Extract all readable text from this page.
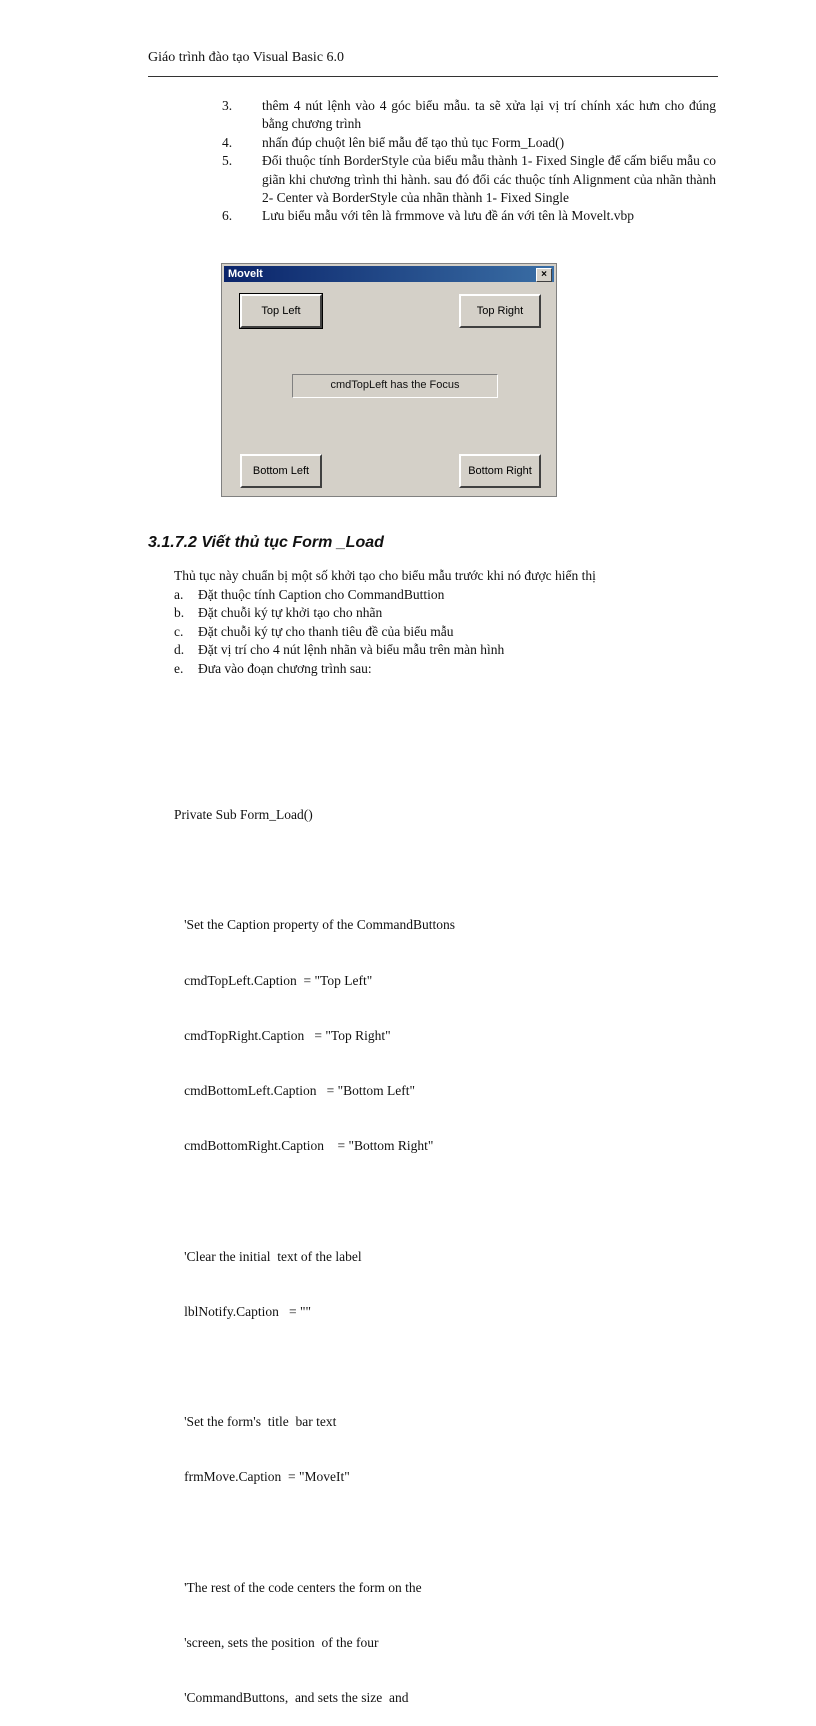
Giáo trình đào tạo Visual Basic 6.0
3.	thêm 4 nút lệnh vào 4 góc biểu mẫu. ta sẽ xửa lại vị trí chính xác hưn cho đúng bằng chương trình
4.	nhấn đúp chuột lên biể mẫu để tạo thủ tục Form_Load()
5.	Đổi thuộc tính BorderStyle của biểu mẫu thành 1- Fixed Single để cấm biểu mẫu co giãn khi chương trình thi hành. sau đó đổi các thuộc tính Alignment của nhãn thành 2- Center và BorderStyle của nhãn thành 1- Fixed Single
6.	Lưu biểu mẫu với tên là frmmove và lưu đề án với tên là Movelt.vbp
Movelt	×
Top Left	Top Right
cmdTopLeft has the Focus
Bottom Left	Bottom Right
3.1.7.2 Viết thủ tục Form _Load
Thủ tục này chuẩn bị một số khởi tạo cho biểu mẫu trước khi nó được hiển thị
a.	Đặt thuộc tính Caption cho CommandButtion
b.	Đặt chuỗi ký tự khởi tạo cho nhãn
c.	Đặt chuỗi ký tự cho thanh tiêu đề của biểu mẫu
d.	Đặt vị trí cho 4 nút lệnh nhãn và biểu mẫu trên màn hình
e.	Đưa vào đoạn chương trình sau:

Private Sub Form_Load()

'Set the Caption property of the CommandButtons

cmdTopLeft.Caption  = "Top Left"

cmdTopRight.Caption   = "Top Right"

cmdBottomLeft.Caption   = "Bottom Left"

cmdBottomRight.Caption    = "Bottom Right"

'Clear the initial  text of the label

lblNotify.Caption   = ""

'Set the form's  title  bar text

frmMove.Caption  = "MoveIt"

'The rest of the code centers the form on the

'screen, sets the position  of the four

'CommandButtons,  and sets the size  and
